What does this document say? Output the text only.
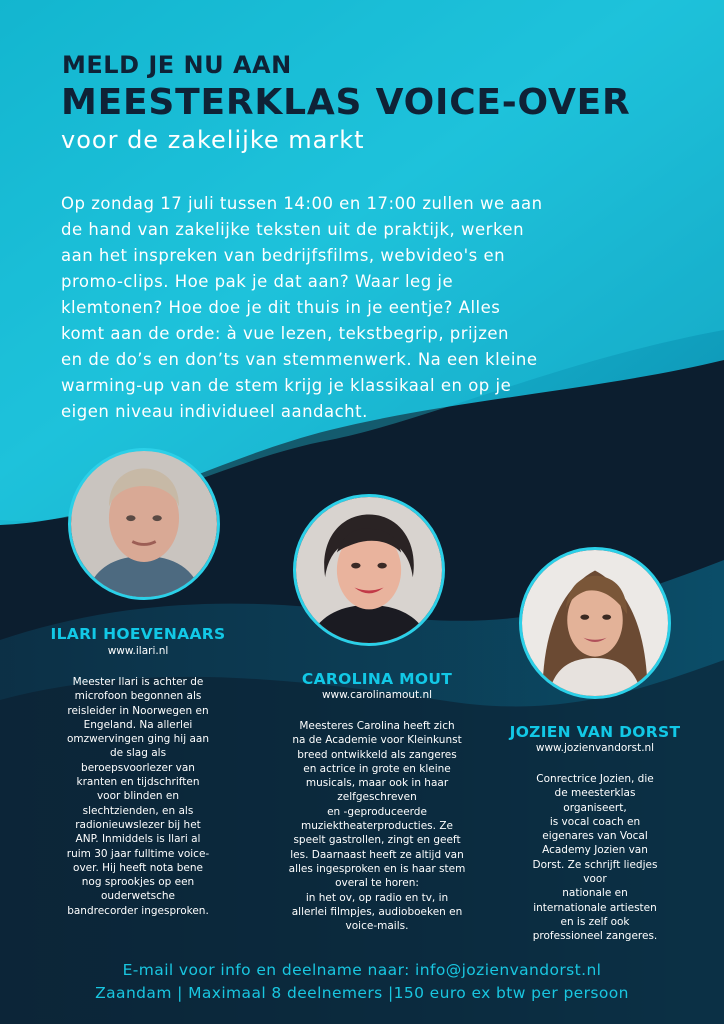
MELD JE NU AAN
MEESTERKLAS VOICE-OVER
voor de zakelijke markt

Op zondag 17 juli tussen 14:00 en 17:00 zullen we aan
de hand van zakelijke teksten uit de praktijk, werken
aan het inspreken van bedrijfsfilms, webvideo's en
promo-clips. Hoe pak je dat aan? Waar leg je
klemtonen? Hoe doe je dit thuis in je eentje? Alles
komt aan de orde: à vue lezen, tekstbegrip, prijzen
en de do’s en don’ts van stemmenwerk. Na een kleine
warming-up van de stem krijg je klassikaal en op je
eigen niveau individueel aandacht.

ILARI HOEVENAARS
www.ilari.nl

Meester Ilari is achter de
microfoon begonnen als
reisleider in Noorwegen en
Engeland. Na allerlei
omzwervingen ging hij aan
de slag als
beroepsvoorlezer van
kranten en tijdschriften
voor blinden en
slechtzienden, en als
radionieuwslezer bij het
ANP. Inmiddels is Ilari al
ruim 30 jaar fulltime voice-
over. Hij heeft nota bene
nog sprookjes op een
ouderwetsche
bandrecorder ingesproken.

CAROLINA MOUT
www.carolinamout.nl

Meesteres Carolina heeft zich
na de Academie voor Kleinkunst
breed ontwikkeld als zangeres
en actrice in grote en kleine
musicals, maar ook in haar
zelfgeschreven
en -geproduceerde
muziektheaterproducties. Ze
speelt gastrollen, zingt en geeft
les. Daarnaast heeft ze altijd van
alles ingesproken en is haar stem
overal te horen:
in het ov, op radio en tv, in
allerlei filmpjes, audioboeken en
voice-mails.

JOZIEN VAN DORST
www.jozienvandorst.nl

Conrectrice Jozien, die
de meesterklas
organiseert,
is vocal coach en
eigenares van Vocal
Academy Jozien van
Dorst. Ze schrijft liedjes
voor
nationale en
internationale artiesten
en is zelf ook
professioneel zangeres.

E-mail voor info en deelname naar: info@jozienvandorst.nl
Zaandam | Maximaal 8 deelnemers |150 euro ex btw per persoon
